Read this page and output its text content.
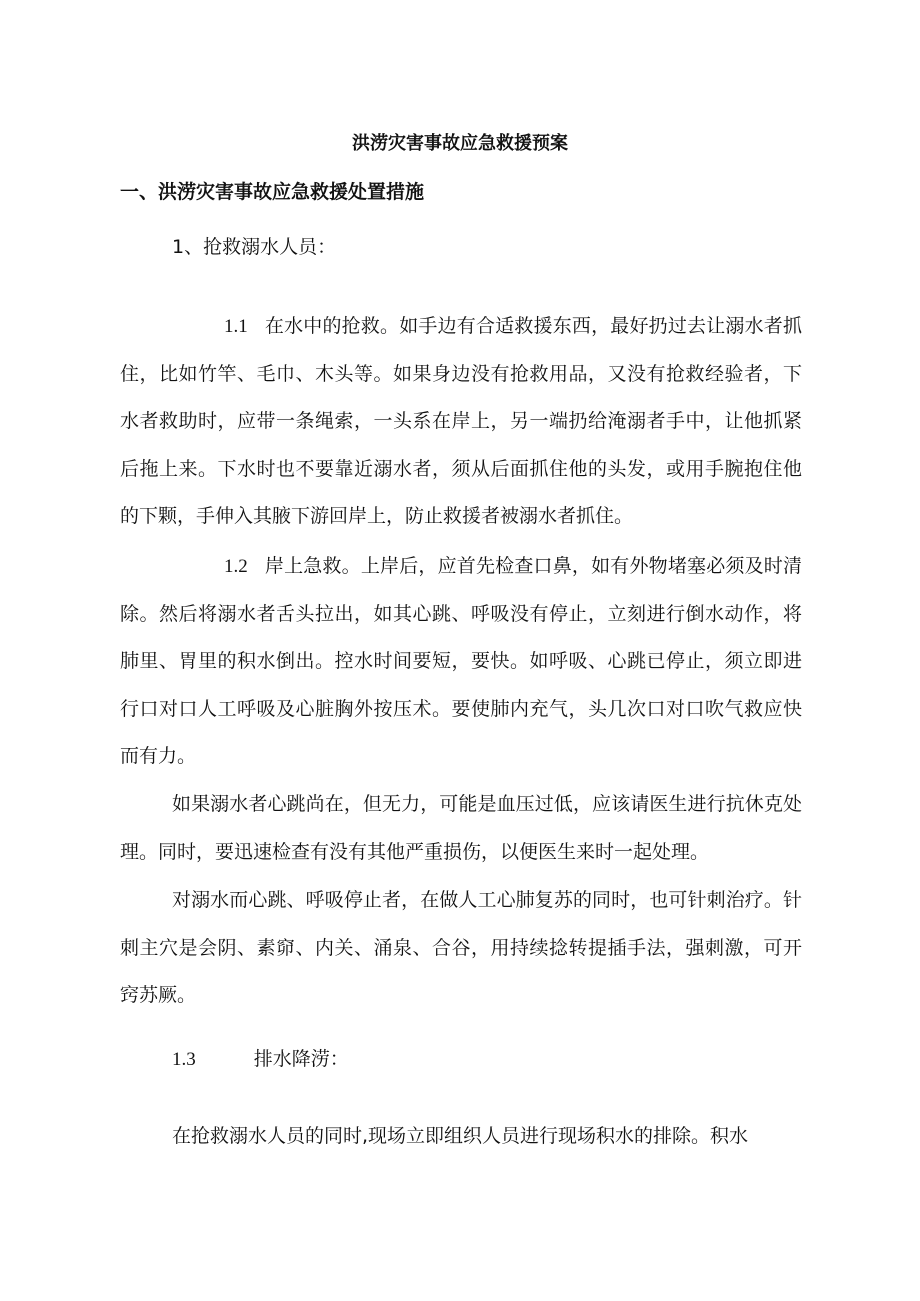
洪涝灾害事故应急救援预案
一、洪涝灾害事故应急救援处置措施
1、抢救溺水人员：

1.1 在水中的抢救。如手边有合适救援东西，最好扔过去让溺水者抓住，比如竹竿、毛巾、木头等。如果身边没有抢救用品，又没有抢救经验者，下水者救助时，应带一条绳索，一头系在岸上，另一端扔给淹溺者手中，让他抓紧后拖上来。下水时也不要靠近溺水者，须从后面抓住他的头发，或用手腕抱住他的下颗，手伸入其腋下游回岸上，防止救援者被溺水者抓住。

1.2 岸上急救。上岸后，应首先检查口鼻，如有外物堵塞必须及时清除。然后将溺水者舌头拉出，如其心跳、呼吸没有停止，立刻进行倒水动作，将肺里、胃里的积水倒出。控水时间要短，要快。如呼吸、心跳已停止，须立即进行口对口人工呼吸及心脏胸外按压术。要使肺内充气，头几次口对口吹气救应快而有力。

如果溺水者心跳尚在，但无力，可能是血压过低，应该请医生进行抗休克处理。同时，要迅速检查有没有其他严重损伤，以便医生来时一起处理。

对溺水而心跳、呼吸停止者，在做人工心肺复苏的同时，也可针刺治疗。针刺主穴是会阴、素窌、内关、涌泉、合谷，用持续捻转提插手法，强刺激，可开窍苏厥。

1.3	排水降涝：

在抢救溺水人员的同时,现场立即组织人员进行现场积水的排除。积水
